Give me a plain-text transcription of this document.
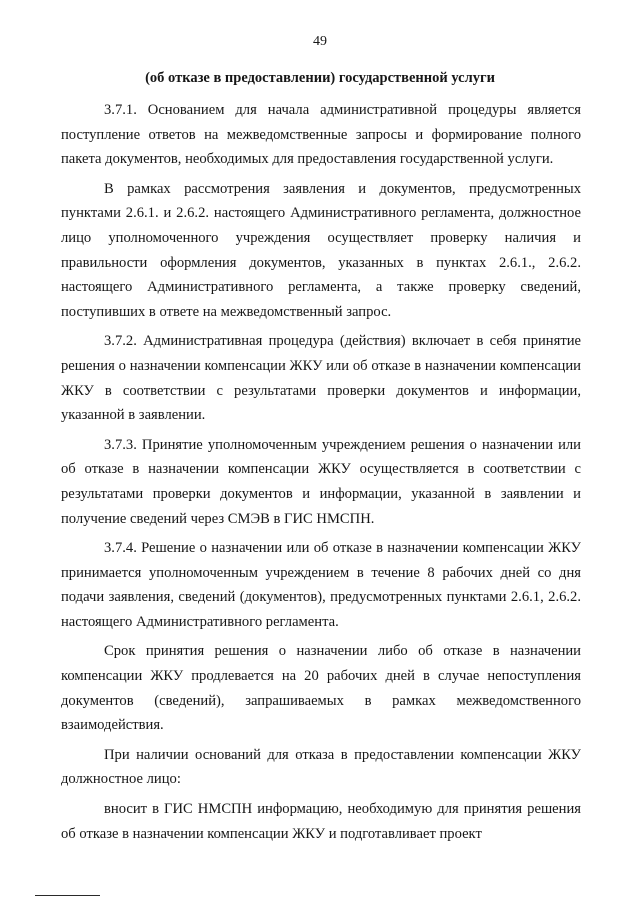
49
(об отказе в предоставлении) государственной услуги

3.7.1. Основанием для начала административной процедуры является поступление ответов на межведомственные запросы и формирование полного пакета документов, необходимых для предоставления государственной услуги.

В рамках рассмотрения заявления и документов, предусмотренных пунктами 2.6.1. и 2.6.2. настоящего Административного регламента, должностное лицо уполномоченного учреждения осуществляет проверку наличия и правильности оформления документов, указанных в пунктах 2.6.1., 2.6.2. настоящего Административного регламента, а также проверку сведений, поступивших в ответе на межведомственный запрос.

3.7.2. Административная процедура (действия) включает в себя принятие решения о назначении компенсации ЖКУ или об отказе в назначении компенсации ЖКУ в соответствии с результатами проверки документов и информации, указанной в заявлении.

3.7.3. Принятие уполномоченным учреждением решения о назначении или об отказе в назначении компенсации ЖКУ осуществляется в соответствии с результатами проверки документов и информации, указанной в заявлении и получение сведений через СМЭВ в ГИС НМСПН.

3.7.4. Решение о назначении или об отказе в назначении компенсации ЖКУ принимается уполномоченным учреждением в течение 8 рабочих дней со дня подачи заявления, сведений (документов), предусмотренных пунктами 2.6.1, 2.6.2. настоящего Административного регламента.

Срок принятия решения о назначении либо об отказе в назначении компенсации ЖКУ продлевается на 20 рабочих дней в случае непоступления документов (сведений), запрашиваемых в рамках межведомственного взаимодействия.

При наличии оснований для отказа в предоставлении компенсации ЖКУ должностное лицо:

вносит в ГИС НМСПН информацию, необходимую для принятия решения об отказе в назначении компенсации ЖКУ и подготавливает проект
